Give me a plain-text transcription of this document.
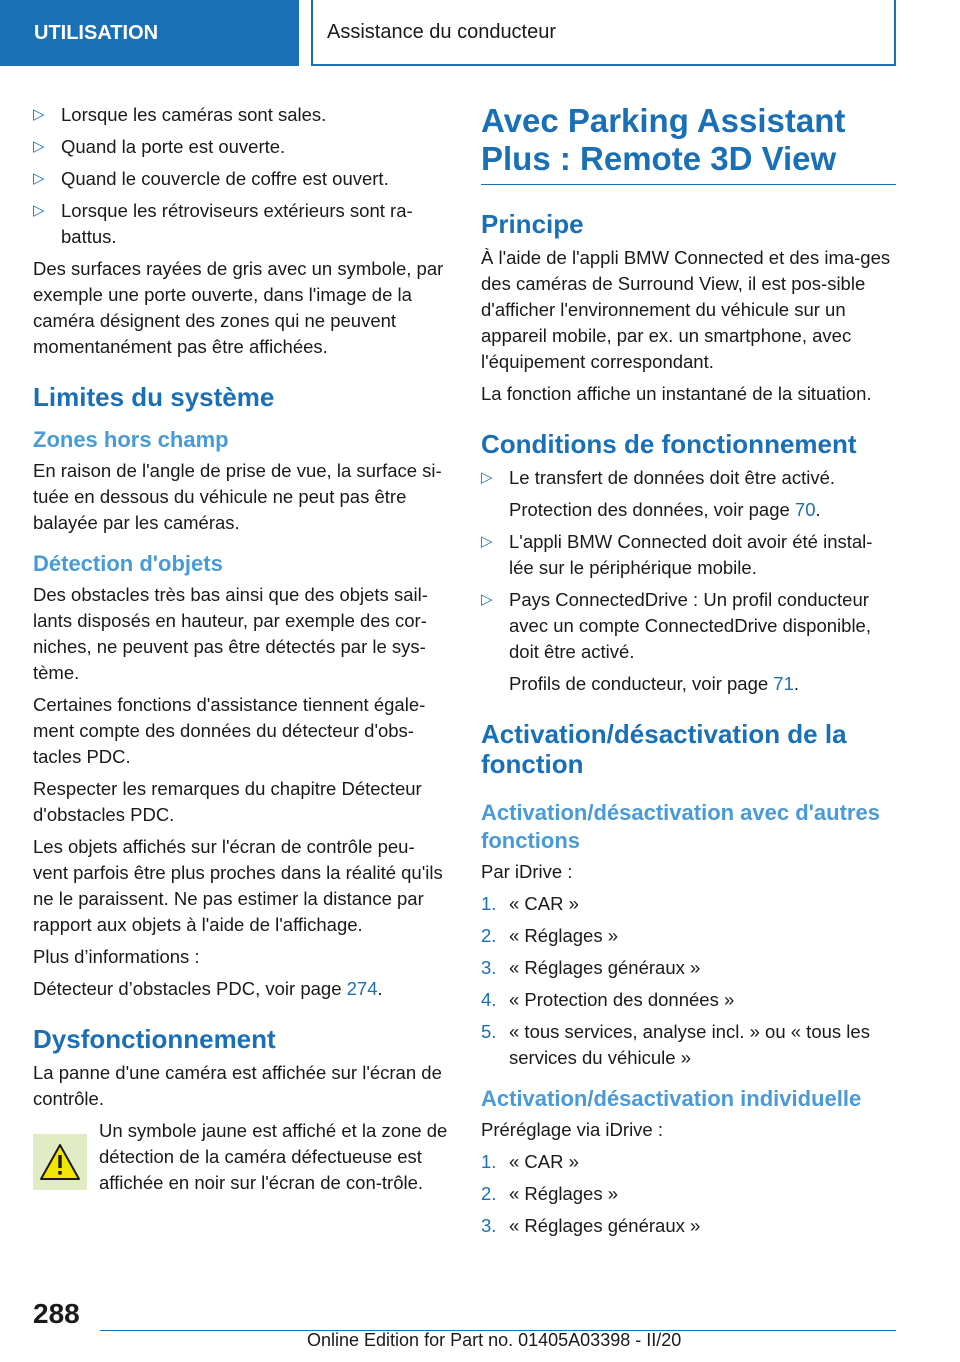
UTILISATION	Assistance du conducteur
▷ Lorsque les caméras sont sales.
▷ Quand la porte est ouverte.
▷ Quand le couvercle de coffre est ouvert.
▷ Lorsque les rétroviseurs extérieurs sont ra‐battus.

Des surfaces rayées de gris avec un symbole, par exemple une porte ouverte, dans l'image de la caméra désignent des zones qui ne peuvent momentanément pas être affichées.

Limites du système
Zones hors champ

En raison de l'angle de prise de vue, la surface si‐tuée en dessous du véhicule ne peut pas être balayée par les caméras.

Détection d'objets

Des obstacles très bas ainsi que des objets sail‐lants disposés en hauteur, par exemple des cor‐niches, ne peuvent pas être détectés par le sys‐tème.

Certaines fonctions d'assistance tiennent égale‐ment compte des données du détecteur d'obs‐tacles PDC.

Respecter les remarques du chapitre Détecteur d'obstacles PDC.

Les objets affichés sur l'écran de contrôle peu‐vent parfois être plus proches dans la réalité qu'ils ne le paraissent. Ne pas estimer la distance par rapport aux objets à l'aide de l'affichage.

Plus d’informations :

Détecteur d’obstacles PDC, voir page 274.

Dysfonctionnement

La panne d'une caméra est affichée sur l'écran de contrôle.

Un symbole jaune est affiché et la zone de détection de la caméra défectueuse est affichée en noir sur l'écran de con‐trôle.
Avec Parking Assistant Plus : Remote 3D View
Principe

À l'aide de l'appli BMW Connected et des ima‐ges des caméras de Surround View, il est pos‐sible d'afficher l'environnement du véhicule sur un appareil mobile, par ex. un smartphone, avec l'équipement correspondant.

La fonction affiche un instantané de la situation.

Conditions de fonctionnement
▷ Le transfert de données doit être activé.

Protection des données, voir page 70.

▷ L'appli BMW Connected doit avoir été instal‐lée sur le périphérique mobile.
▷ Pays ConnectedDrive : Un profil conducteur avec un compte ConnectedDrive disponible, doit être activé.

Profils de conducteur, voir page 71.

Activation/désactivation de la fonction
Activation/désactivation avec d'autres fonctions

Par iDrive :

1. « CAR »
2. « Réglages »
3. « Réglages généraux »
4. « Protection des données »
5. « tous services, analyse incl. » ou « tous les services du véhicule »
Activation/désactivation individuelle

Préréglage via iDrive :

1. « CAR »
2. « Réglages »
3. « Réglages généraux »
288
Online Edition for Part no. 01405A03398 - II/20
